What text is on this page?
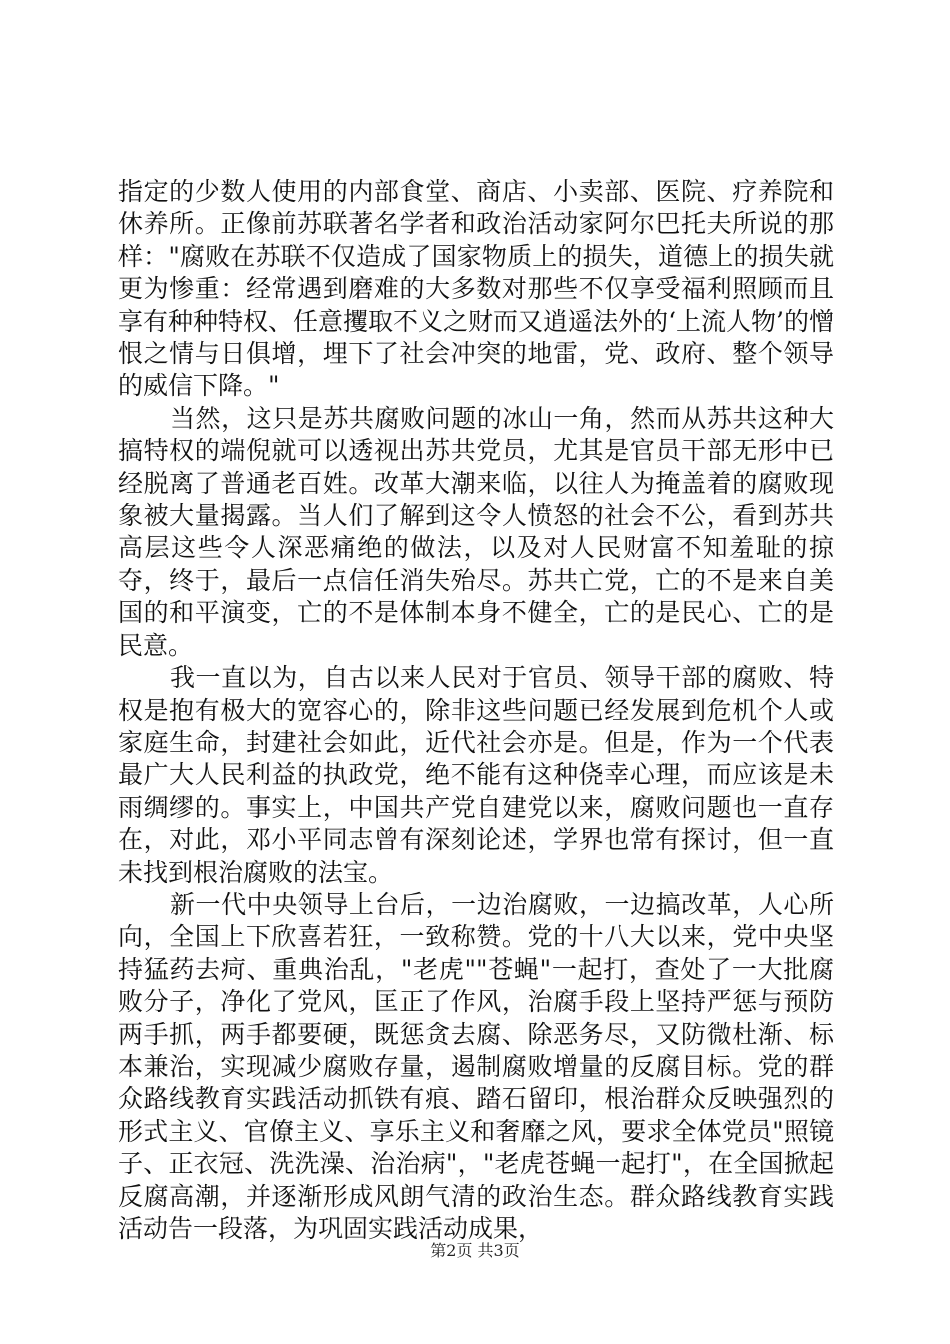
指定的少数人使用的内部食堂、商店、小卖部、医院、疗养院和休养所。正像前苏联著名学者和政治活动家阿尔巴托夫所说的那样："腐败在苏联不仅造成了国家物质上的损失，道德上的损失就更为惨重：经常遇到磨难的大多数对那些不仅享受福利照顾而且享有种种特权、任意攫取不义之财而又逍遥法外的‘上流人物’的憎恨之情与日俱增，埋下了社会冲突的地雷，党、政府、整个领导的威信下降。"

当然，这只是苏共腐败问题的冰山一角，然而从苏共这种大搞特权的端倪就可以透视出苏共党员，尤其是官员干部无形中已经脱离了普通老百姓。改革大潮来临，以往人为掩盖着的腐败现象被大量揭露。当人们了解到这令人愤怒的社会不公，看到苏共高层这些令人深恶痛绝的做法，以及对人民财富不知羞耻的掠夺，终于，最后一点信任消失殆尽。苏共亡党，亡的不是来自美国的和平演变，亡的不是体制本身不健全，亡的是民心、亡的是民意。

我一直以为，自古以来人民对于官员、领导干部的腐败、特权是抱有极大的宽容心的，除非这些问题已经发展到危机个人或家庭生命，封建社会如此，近代社会亦是。但是，作为一个代表最广大人民利益的执政党，绝不能有这种侥幸心理，而应该是未雨绸缪的。事实上，中国共产党自建党以来，腐败问题也一直存在，对此，邓小平同志曾有深刻论述，学界也常有探讨，但一直未找到根治腐败的法宝。

新一代中央领导上台后，一边治腐败，一边搞改革，人心所向，全国上下欣喜若狂，一致称赞。党的十八大以来，党中央坚持猛药去疴、重典治乱，"老虎""苍蝇"一起打，查处了一大批腐败分子，净化了党风，匡正了作风，治腐手段上坚持严惩与预防两手抓，两手都要硬，既惩贪去腐、除恶务尽，又防微杜渐、标本兼治，实现减少腐败存量，遏制腐败增量的反腐目标。党的群众路线教育实践活动抓铁有痕、踏石留印，根治群众反映强烈的形式主义、官僚主义、享乐主义和奢靡之风，要求全体党员"照镜子、正衣冠、洗洗澡、治治病"，"老虎苍蝇一起打"，在全国掀起反腐高潮，并逐渐形成风朗气清的政治生态。群众路线教育实践活动告一段落，为巩固实践活动成果，

第2页 共3页
